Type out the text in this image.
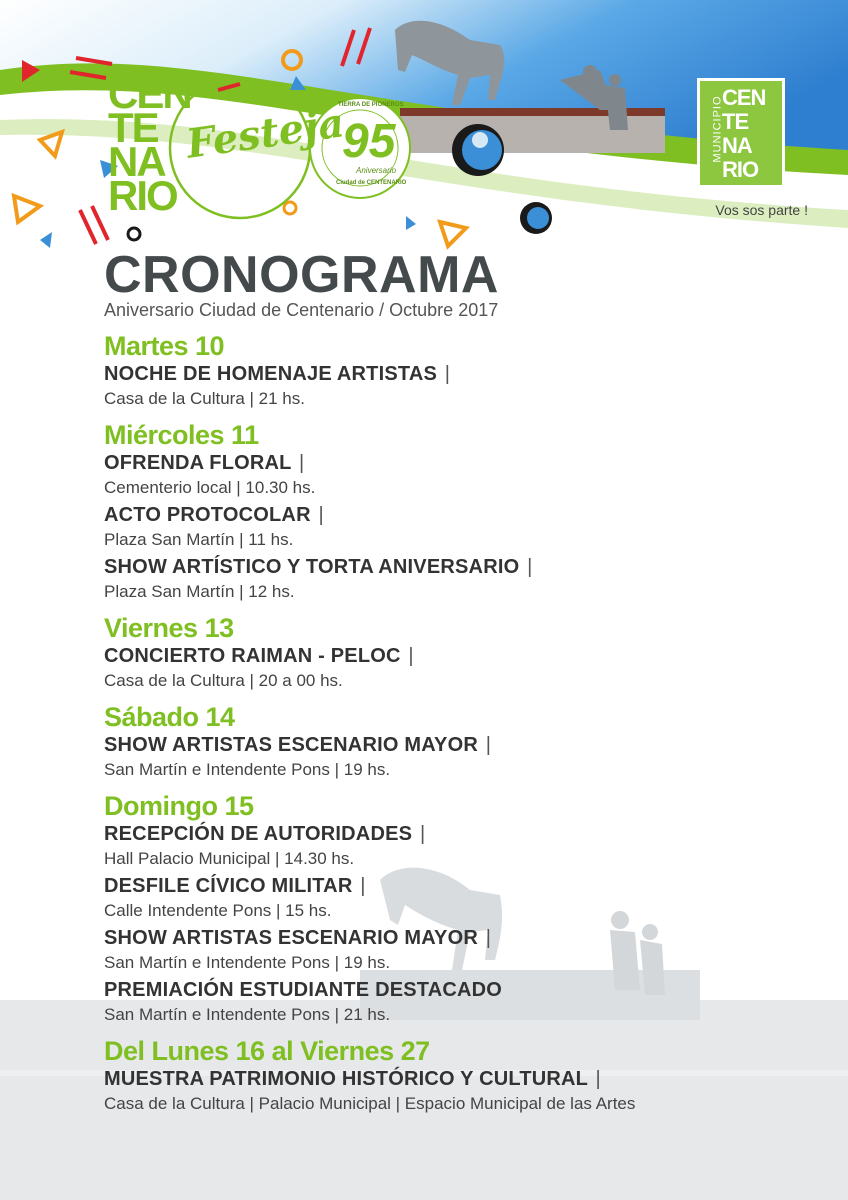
CEN
TE
NA
RIO
Festeja
95
TIERRA DE PIONEROS
Aniversario
Ciudad de CENTENARIO
MUNICIPIO
CEN
TE
NA
RIO
Vos sos parte !
CRONOGRAMA
Aniversario Ciudad de Centenario / Octubre 2017
Martes 10
NOCHE DE HOMENAJE ARTISTAS |
Casa de la Cultura | 21 hs.
Miércoles 11
OFRENDA FLORAL |
Cementerio local | 10.30 hs.
ACTO PROTOCOLAR |
Plaza San Martín | 11 hs.
SHOW ARTÍSTICO Y TORTA ANIVERSARIO |
Plaza San Martín | 12 hs.
Viernes 13
CONCIERTO RAIMAN - PELOC |
Casa de la Cultura | 20 a 00 hs.
Sábado 14
SHOW ARTISTAS ESCENARIO MAYOR |
San Martín e Intendente Pons | 19 hs.
Domingo 15
RECEPCIÓN DE AUTORIDADES |
Hall Palacio Municipal | 14.30 hs.
DESFILE CÍVICO MILITAR |
Calle Intendente Pons | 15 hs.
SHOW ARTISTAS ESCENARIO MAYOR |
San Martín e Intendente Pons | 19 hs.
PREMIACIÓN ESTUDIANTE DESTACADO
San Martín e Intendente Pons | 21 hs.
Del Lunes 16 al Viernes 27
MUESTRA PATRIMONIO HISTÓRICO Y CULTURAL |
Casa de la Cultura | Palacio Municipal | Espacio Municipal de las Artes
